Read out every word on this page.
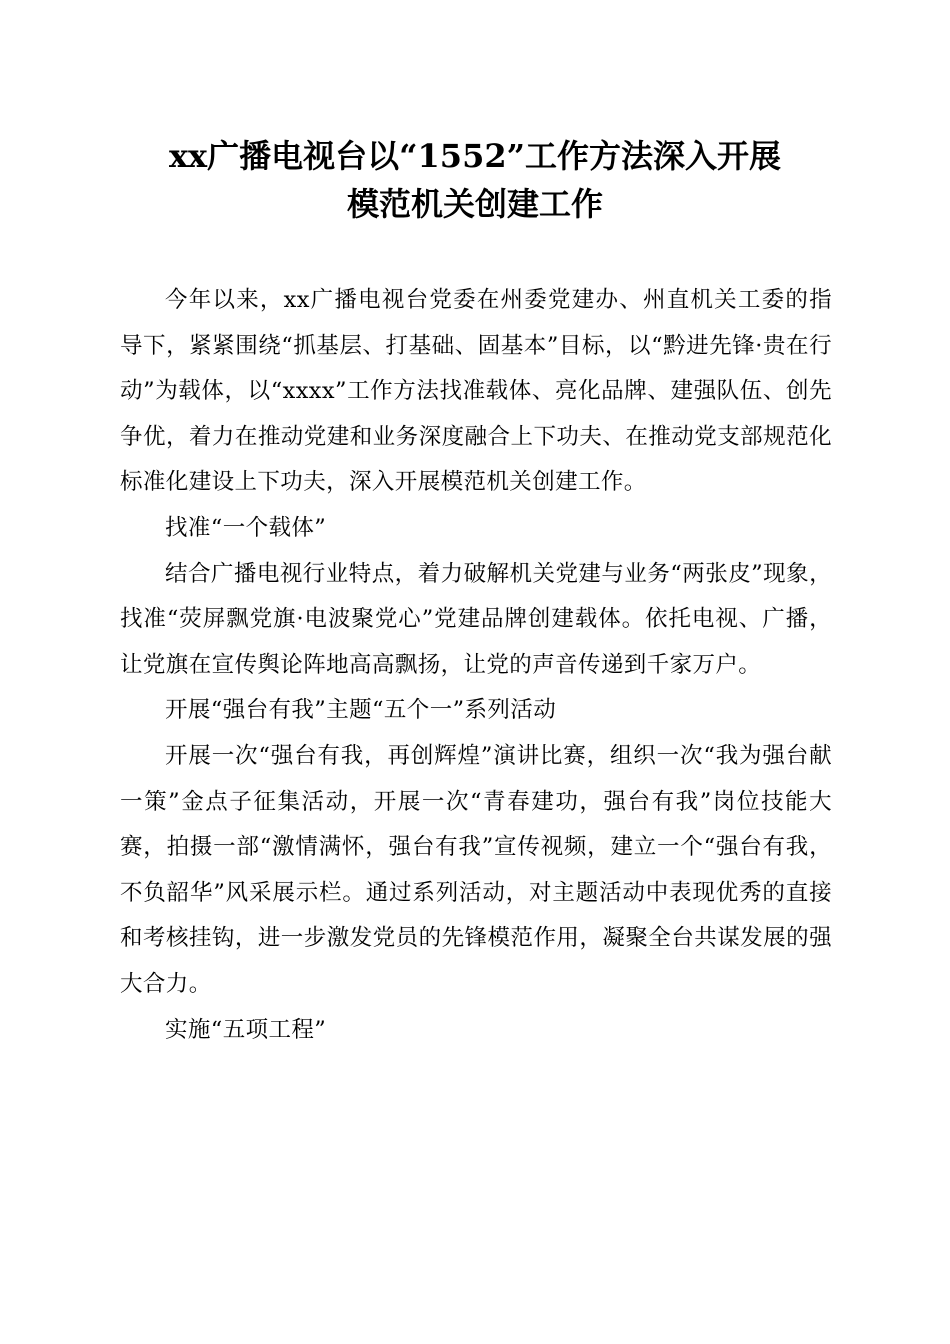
xx广播电视台以“1552”工作方法深入开展
模范机关创建工作

今年以来，xx广播电视台党委在州委党建办、州直机关工委的指导下，紧紧围绕“抓基层、打基础、固基本”目标，以“黔进先锋·贵在行动”为载体，以“xxxx”工作方法找准载体、亮化品牌、建强队伍、创先争优，着力在推动党建和业务深度融合上下功夫、在推动党支部规范化标准化建设上下功夫，深入开展模范机关创建工作。

找准“一个载体”

结合广播电视行业特点，着力破解机关党建与业务“两张皮”现象，找准“荧屏飘党旗·电波聚党心”党建品牌创建载体。依托电视、广播，让党旗在宣传舆论阵地高高飘扬，让党的声音传递到千家万户。

开展“强台有我”主题“五个一”系列活动

开展一次“强台有我，再创辉煌”演讲比赛，组织一次“我为强台献一策”金点子征集活动，开展一次“青春建功，强台有我”岗位技能大赛，拍摄一部“激情满怀，强台有我”宣传视频，建立一个“强台有我，不负韶华”风采展示栏。通过系列活动，对主题活动中表现优秀的直接和考核挂钩，进一步激发党员的先锋模范作用，凝聚全台共谋发展的强大合力。

实施“五项工程”
